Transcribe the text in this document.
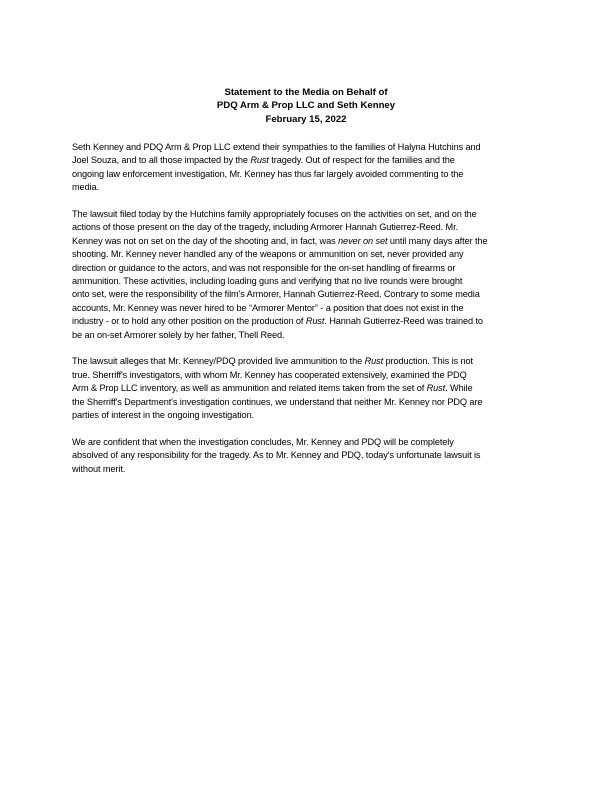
Statement to the Media on Behalf of
PDQ Arm & Prop LLC and Seth Kenney
February 15, 2022
Seth Kenney and PDQ Arm & Prop LLC extend their sympathies to the families of Halyna Hutchins and
Joel Souza, and to all those impacted by the Rust tragedy. Out of respect for the families and the
ongoing law enforcement investigation, Mr. Kenney has thus far largely avoided commenting to the
media.
The lawsuit filed today by the Hutchins family appropriately focuses on the activities on set, and on the
actions of those present on the day of the tragedy, including Armorer Hannah Gutierrez-Reed. Mr.
Kenney was not on set on the day of the shooting and, in fact, was never on set until many days after the
shooting. Mr. Kenney never handled any of the weapons or ammunition on set, never provided any
direction or guidance to the actors, and was not responsible for the on-set handling of firearms or
ammunition. These activities, including loading guns and verifying that no live rounds were brought
onto set, were the responsibility of the film's Armorer, Hannah Gutierrez-Reed. Contrary to some media
accounts, Mr. Kenney was never hired to be “Armorer Mentor” - a position that does not exist in the
industry - or to hold any other position on the production of Rust. Hannah Gutierrez-Reed was trained to
be an on-set Armorer solely by her father, Thell Reed.
The lawsuit alleges that Mr. Kenney/PDQ provided live ammunition to the Rust production. This is not
true. Sherriff's investigators, with whom Mr. Kenney has cooperated extensively, examined the PDQ
Arm & Prop LLC inventory, as well as ammunition and related items taken from the set of Rust. While
the Sherriff's Department's investigation continues, we understand that neither Mr. Kenney nor PDQ are
parties of interest in the ongoing investigation.
We are confident that when the investigation concludes, Mr. Kenney and PDQ will be completely
absolved of any responsibility for the tragedy. As to Mr. Kenney and PDQ, today's unfortunate lawsuit is
without merit.
